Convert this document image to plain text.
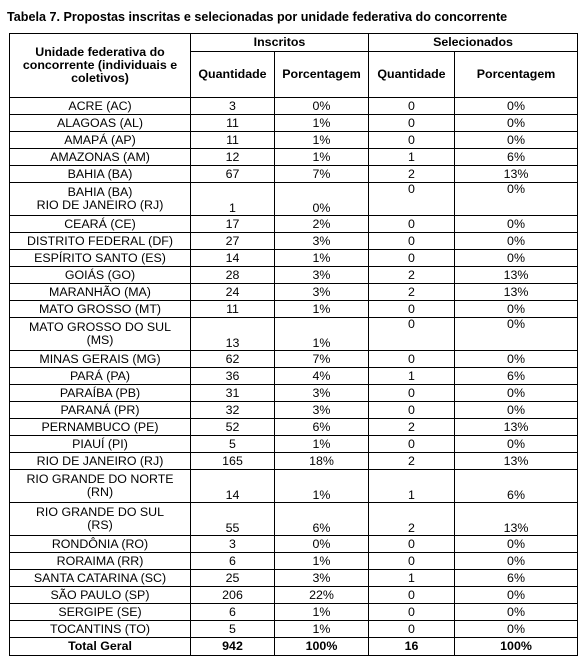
Tabela 7. Propostas inscritas e selecionadas por unidade federativa do concorrente
Unidade federativa do concorrente (individuais e coletivos)	Inscritos		Selecionados	
	Quantidade	Porcentagem	Quantidade	Porcentagem
ACRE (AC)	3	0%	0	0%
ALAGOAS (AL)	11	1%	0	0%
AMAPÁ (AP)	11	1%	0	0%
AMAZONAS (AM)	12	1%	1	6%
BAHIA (BA)	67	7%	2	13%

BAHIA (BA)
RIO DE JANEIRO (RJ)	1	0%	0	0%
CEARÁ (CE)	17	2%	0	0%
DISTRITO FEDERAL (DF)	27	3%	0	0%
ESPÍRITO SANTO (ES)	14	1%	0	0%
GOIÁS (GO)	28	3%	2	13%
MARANHÃO (MA)	24	3%	2	13%
MATO GROSSO (MT)	11	1%	0	0%

MATO GROSSO DO SUL
(MS)	13	1%	0	0%
MINAS GERAIS (MG)	62	7%	0	0%
PARÁ (PA)	36	4%	1	6%
PARAÍBA (PB)	31	3%	0	0%
PARANÁ (PR)	32	3%	0	0%
PERNAMBUCO (PE)	52	6%	2	13%
PIAUÍ (PI)	5	1%	0	0%
RIO DE JANEIRO (RJ)	165	18%	2	13%

RIO GRANDE DO NORTE
(RN)	14	1%	1	6%

RIO GRANDE DO SUL
(RS)	55	6%	2	13%
RONDÔNIA (RO)	3	0%	0	0%
RORAIMA (RR)	6	1%	0	0%
SANTA CATARINA (SC)	25	3%	1	6%
SÃO PAULO (SP)	206	22%	0	0%
SERGIPE (SE)	6	1%	0	0%
TOCANTINS (TO)	5	1%	0	0%
Total Geral	942	100%	16	100%
